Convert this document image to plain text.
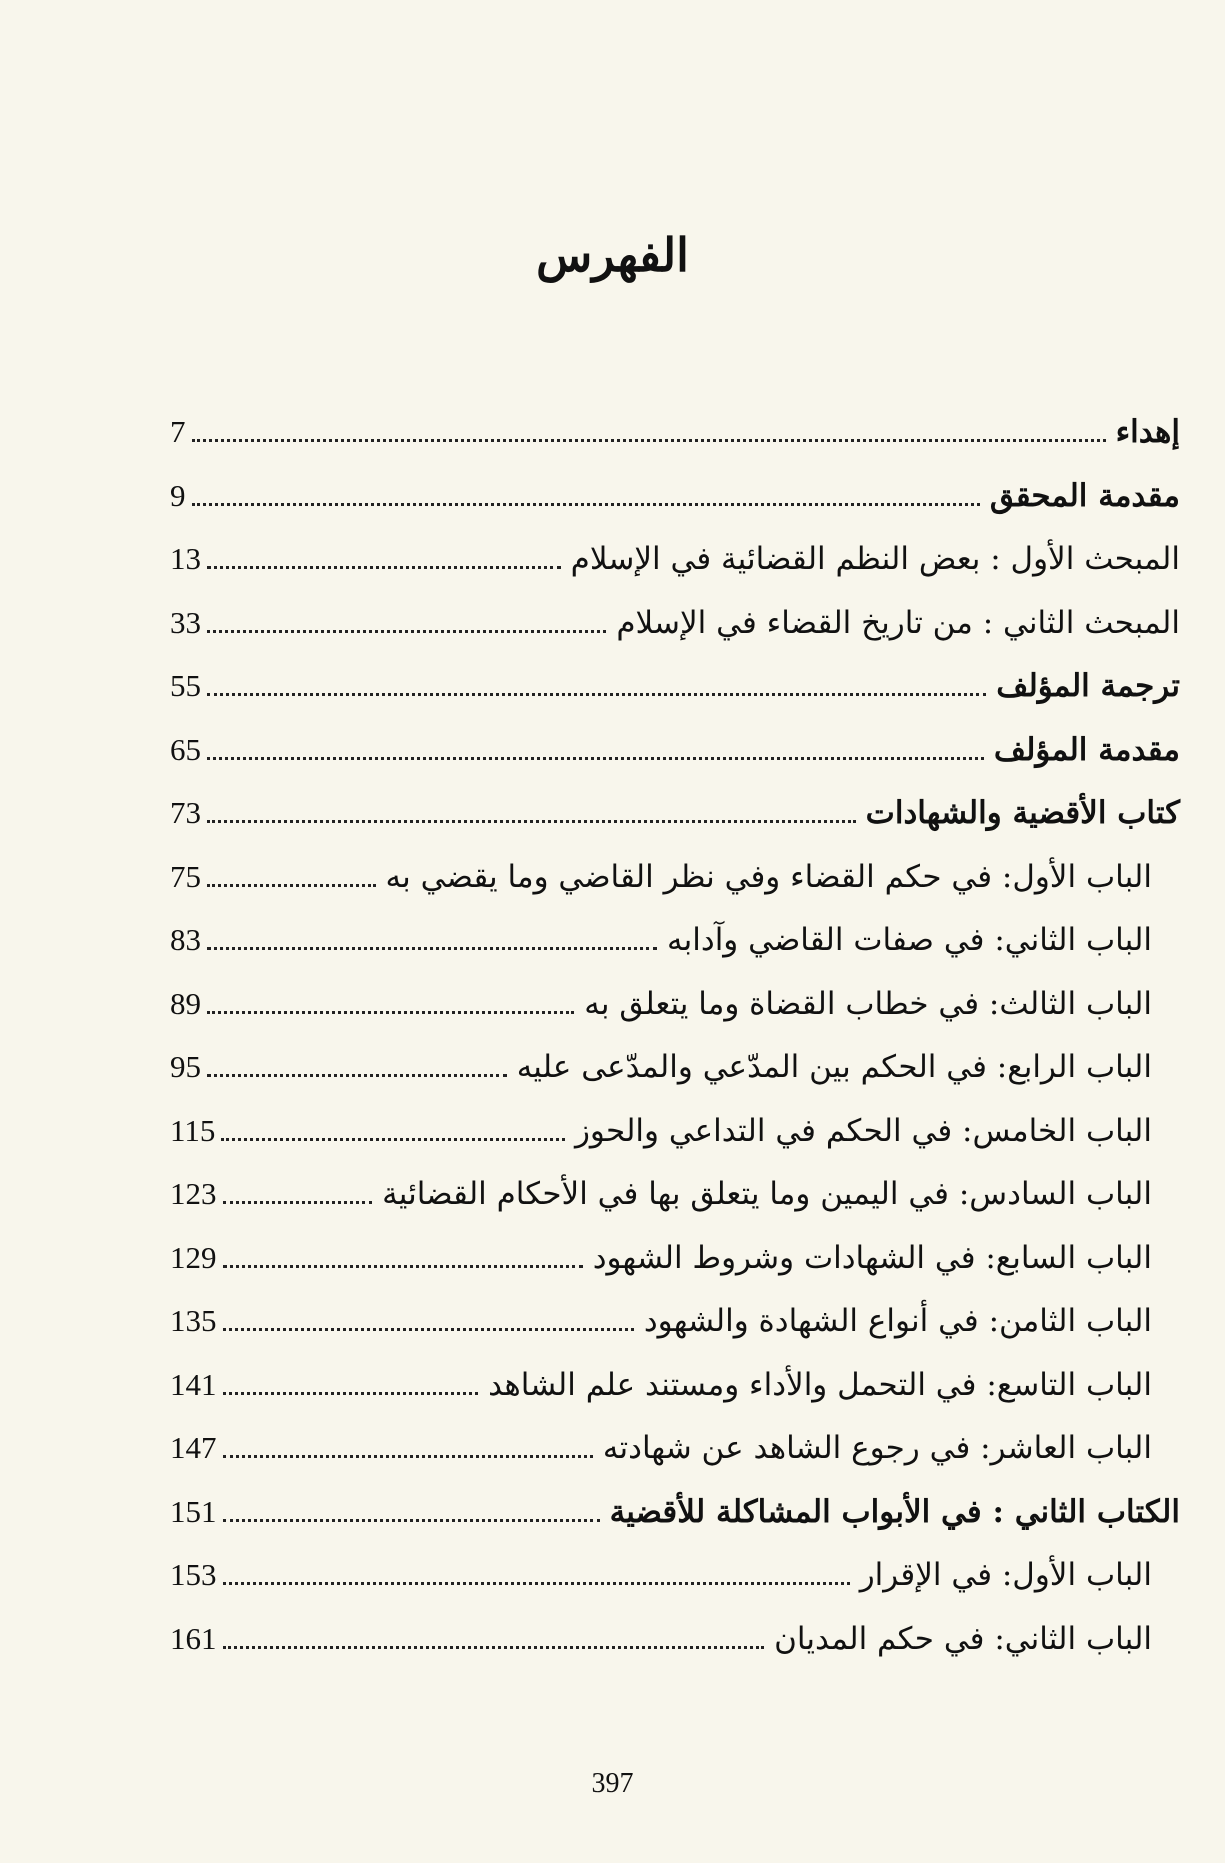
الفهرس
إهداء
7
مقدمة المحقق
9
المبحث الأول : بعض النظم القضائية في الإسلام
13
المبحث الثاني : من تاريخ القضاء في الإسلام
33
ترجمة المؤلف
55
مقدمة المؤلف
65
كتاب الأقضية والشهادات
73
الباب الأول: في حكم القضاء وفي نظر القاضي وما يقضي به
75
الباب الثاني: في صفات القاضي وآدابه
83
الباب الثالث: في خطاب القضاة وما يتعلق به
89
الباب الرابع: في الحكم بين المدّعي والمدّعى عليه
95
الباب الخامس: في الحكم في التداعي والحوز
115
الباب السادس: في اليمين وما يتعلق بها في الأحكام القضائية
123
الباب السابع: في الشهادات وشروط الشهود
129
الباب الثامن: في أنواع الشهادة والشهود
135
الباب التاسع: في التحمل والأداء ومستند علم الشاهد
141
الباب العاشر: في رجوع الشاهد عن شهادته
147
الكتاب الثاني : في الأبواب المشاكلة للأقضية
151
الباب الأول: في الإقرار
153
الباب الثاني: في حكم المديان
161
397
